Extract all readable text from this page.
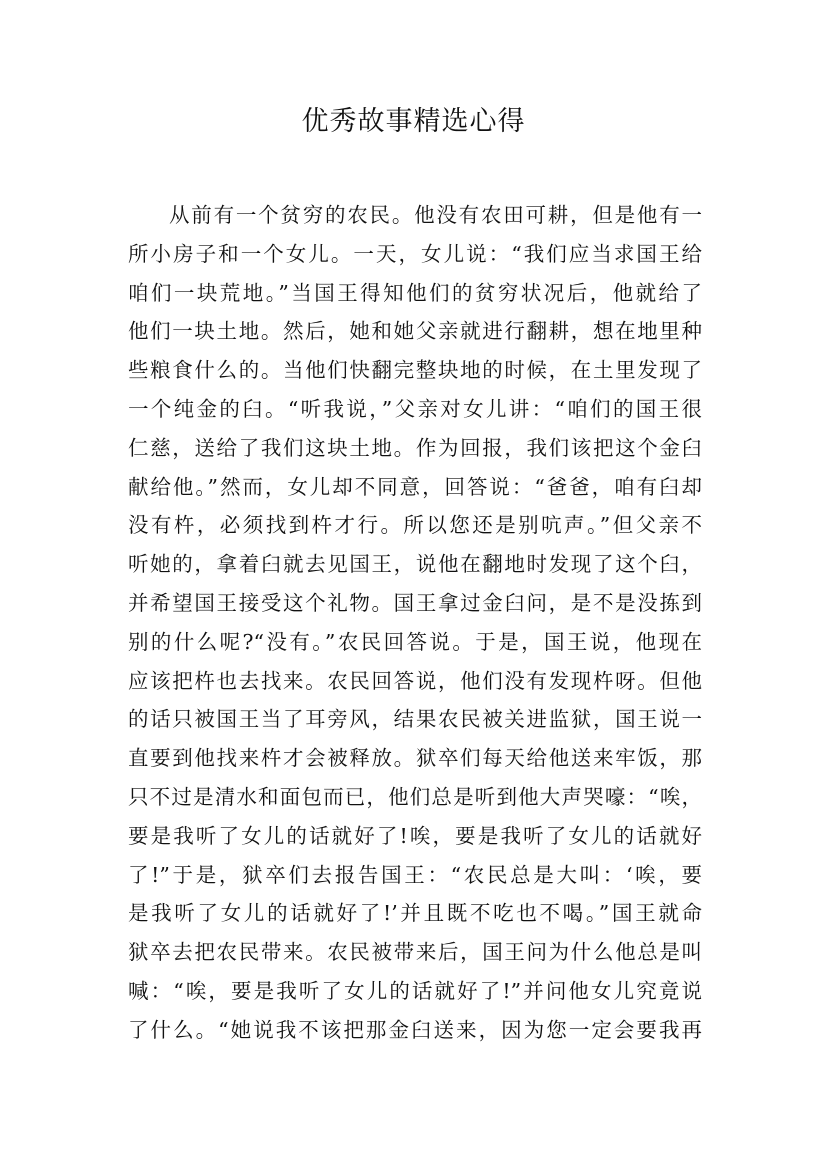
优秀故事精选心得
从前有一个贫穷的农民。他没有农田可耕，但是他有一
所小房子和一个女儿。一天，女儿说：“我们应当求国王给
咱们一块荒地。”当国王得知他们的贫穷状况后，他就给了
他们一块土地。然后，她和她父亲就进行翻耕，想在地里种
些粮食什么的。当他们快翻完整块地的时候，在土里发现了
一个纯金的臼。“听我说，”父亲对女儿讲：“咱们的国王很
仁慈，送给了我们这块土地。作为回报，我们该把这个金臼
献给他。”然而，女儿却不同意，回答说：“爸爸，咱有臼却
没有杵，必须找到杵才行。所以您还是别吭声。”但父亲不
听她的，拿着臼就去见国王，说他在翻地时发现了这个臼，
并希望国王接受这个礼物。国王拿过金臼问，是不是没拣到
别的什么呢?“没有。”农民回答说。于是，国王说，他现在
应该把杵也去找来。农民回答说，他们没有发现杵呀。但他
的话只被国王当了耳旁风，结果农民被关进监狱，国王说一
直要到他找来杵才会被释放。狱卒们每天给他送来牢饭，那
只不过是清水和面包而已，他们总是听到他大声哭嚎：“唉，
要是我听了女儿的话就好了!唉，要是我听了女儿的话就好
了!”于是，狱卒们去报告国王：“农民总是大叫：‘唉，要
是我听了女儿的话就好了!’并且既不吃也不喝。”国王就命
狱卒去把农民带来。农民被带来后，国王问为什么他总是叫
喊：“唉，要是我听了女儿的话就好了!”并问他女儿究竟说
了什么。“她说我不该把那金臼送来，因为您一定会要我再
